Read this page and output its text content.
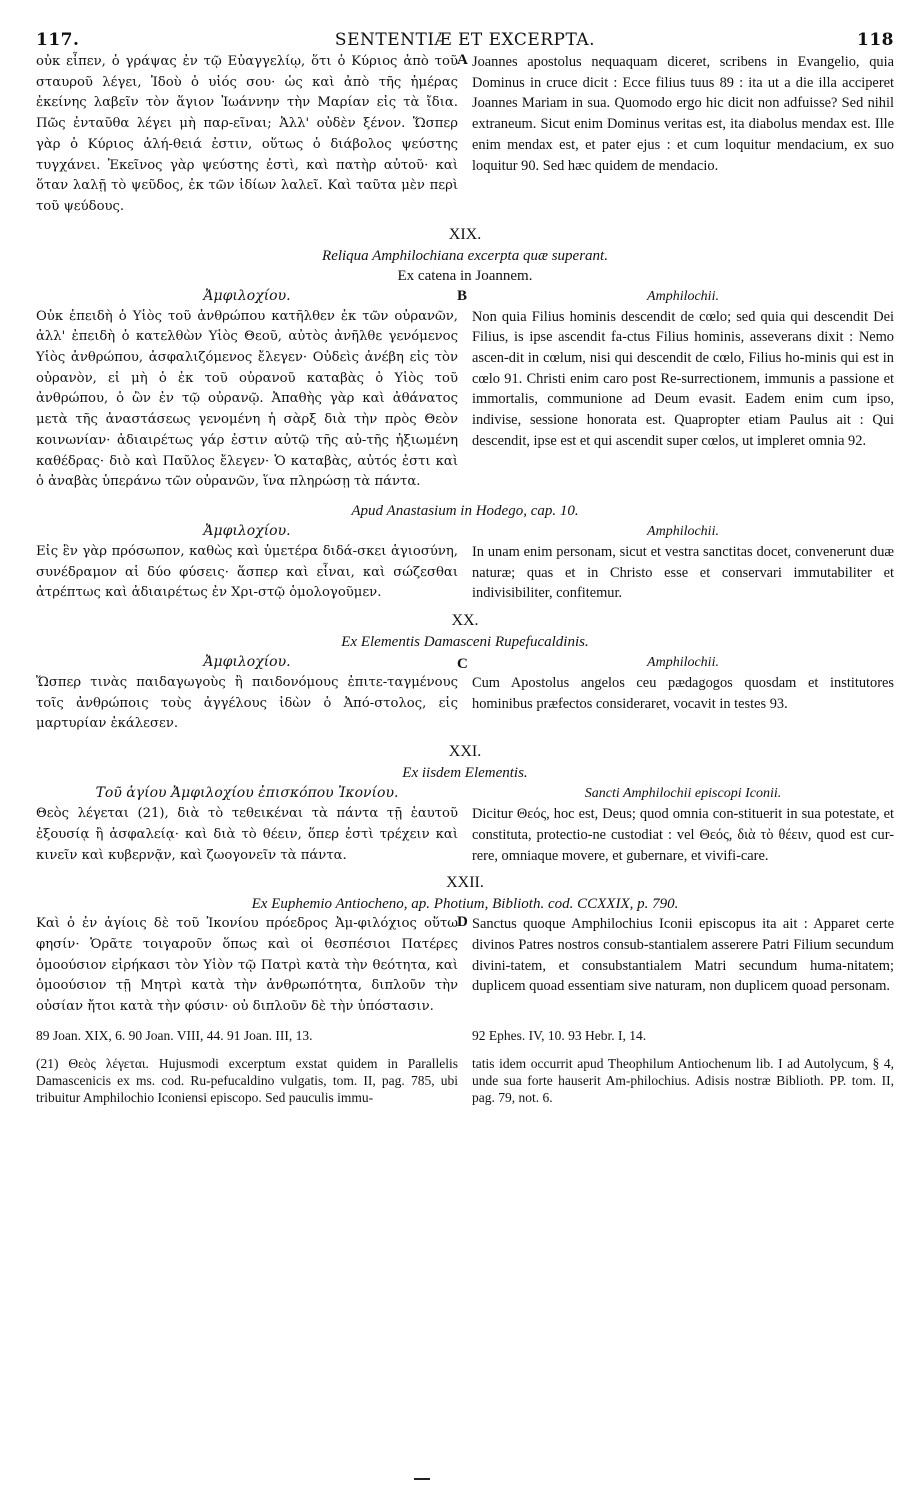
117.	SENTENTIÆ ET EXCERPTA.	118
οὐκ εἶπεν, ὁ γράψας ἐν τῷ Εὐαγγελίῳ, ὅτι ὁ Κύριος ἀπὸ τοῦ σταυροῦ λέγει, Ἰδοὺ ὁ υἱός σου· ὡς καὶ ἀπὸ τῆς ἡμέρας ἐκείνης λαβεῖν τὸν ἅγιον Ἰωάννην τὴν Μαρίαν εἰς τὰ ἴδια. Πῶς ἐνταῦθα λέγει μὴ παρ-εῖναι; Ἀλλ' οὐδὲν ξένον. Ὥσπερ γὰρ ὁ Κύριος ἀλή-θειά ἐστιν, οὕτως ὁ διάβολος ψεύστης τυγχάνει. Ἐκεῖνος γὰρ ψεύστης ἐστὶ, καὶ πατὴρ αὐτοῦ· καὶ ὅταν λαλῇ τὸ ψεῦδος, ἐκ τῶν ἰδίων λαλεῖ. Καὶ ταῦτα μὲν περὶ τοῦ ψεύδους.
A Joannes apostolus nequaquam diceret, scribens in Evangelio, quia Dominus in cruce dicit : Ecce filius tuus 89 : ita ut a die illa acciperet Joannes Mariam in sua. Quomodo ergo hic dicit non adfuisse? Sed nihil extraneum. Sicut enim Dominus veritas est, ita diabolus mendax est. Ille enim mendax est, et pater ejus : et cum loquitur mendacium, ex suo loquitur 90. Sed hæc quidem de mendacio.
XIX.
Reliqua Amphilochiana excerpta quæ superant.
Ex catena in Joannem.
Ἀμφιλοχίου.	B	Amphilochii.
Οὐκ ἐπειδὴ ὁ Υἱὸς τοῦ ἀνθρώπου κατῆλθεν ἐκ τῶν οὐρανῶν, ἀλλ' ἐπειδὴ ὁ κατελθὼν Υἱὸς Θεοῦ, αὐτὸς ἀνῆλθε γενόμενος Υἱὸς ἀνθρώπου, ἀσφαλιζόμενος ἔλεγεν· Οὐδεὶς ἀνέβη εἰς τὸν οὐρανὸν, εἰ μὴ ὁ ἐκ τοῦ οὐρανοῦ καταβὰς ὁ Υἱὸς τοῦ ἀνθρώπου, ὁ ὢν ἐν τῷ οὐρανῷ. Ἀπαθὴς γὰρ καὶ ἀθάνατος μετὰ τῆς ἀναστάσεως γενομένη ἡ σὰρξ διὰ τὴν πρὸς Θεὸν κοινωνίαν· ἀδιαιρέτως γάρ ἐστιν αὐτῷ τῆς αὐ-τῆς ἠξιωμένη καθέδρας· διὸ καὶ Παῦλος ἔλεγεν· Ὁ καταβὰς, αὐτός ἐστι καὶ ὁ ἀναβὰς ὑπεράνω τῶν οὐρανῶν, ἵνα πληρώσῃ τὰ πάντα.
Non quia Filius hominis descendit de cœlo; sed quia qui descendit Dei Filius, is ipse ascendit fa-ctus Filius hominis, asseverans dixit : Nemo ascen-dit in cœlum, nisi qui descendit de cœlo, Filius ho-minis qui est in cœlo 91. Christi enim caro post Re-surrectionem, immunis a passione et immortalis, communione ad Deum evasit. Eadem enim cum ipso, indivise, sessione honorata est. Quapropter etiam Paulus ait : Qui descendit, ipse est et qui ascendit super cœlos, ut impleret omnia 92.
Apud Anastasium in Hodego, cap. 10.
Ἀμφιλοχίου.	Amphilochii.
Εἰς ἓν γὰρ πρόσωπον, καθὼς καὶ ὑμετέρα διδά-σκει ἁγιοσύνη, συνέδραμον αἱ δύο φύσεις· ἅσπερ καὶ εἶναι, καὶ σώζεσθαι ἀτρέπτως καὶ ἀδιαιρέτως ἐν Χρι-στῷ ὁμολογοῦμεν.
In unam enim personam, sicut et vestra sanctitas docet, convenerunt duæ naturæ; quas et in Christo esse et conservari immutabiliter et indivisibiliter, confitemur.
XX.
Ex Elementis Damasceni Rupefucaldinis.
Ἀμφιλοχίου.	C	Amphilochii.
Ὥσπερ τινὰς παιδαγωγοὺς ἢ παιδονόμους ἐπιτε-ταγμένους τοῖς ἀνθρώποις τοὺς ἀγγέλους ἰδὼν ὁ Ἀπό-στολος, εἰς μαρτυρίαν ἐκάλεσεν.
Cum Apostolus angelos ceu pædagogos quosdam et institutores hominibus præfectos consideraret, vocavit in testes 93.
XXI.
Ex iisdem Elementis.
Τοῦ ἁγίου Ἀμφιλοχίου ἐπισκόπου Ἰκονίου.	Sancti Amphilochii episcopi Iconii.
Θεὸς λέγεται (21), διὰ τὸ τεθεικέναι τὰ πάντα τῇ ἑαυτοῦ ἐξουσίᾳ ἢ ἀσφαλείᾳ· καὶ διὰ τὸ θέειν, ὅπερ ἐστὶ τρέχειν καὶ κινεῖν καὶ κυβερνᾷν, καὶ ζωογονεῖν τὰ πάντα.
Dicitur Θεός, hoc est, Deus; quod omnia con-stituerit in sua potestate, et constituta, protectio-ne custodiat : vel Θεός, διὰ τὸ θέειν, quod est cur-rere, omniaque movere, et gubernare, et vivifi-care.
XXII.
Ex Euphemio Antiocheno, ap. Photium, Biblioth. cod. CCXXIX, p. 790.
Καὶ ὁ ἐν ἁγίοις δὲ τοῦ Ἰκονίου πρόεδρος Ἀμ-φιλόχιος οὕτω φησίν· Ὁρᾶτε τοιγαροῦν ὅπως καὶ οἱ θεσπέσιοι Πατέρες ὁμοούσιον εἰρήκασι τὸν Υἱὸν τῷ Πατρὶ κατὰ τὴν θεότητα, καὶ ὁμοούσιον τῇ Μητρὶ κατὰ τὴν ἀνθρωπότητα, διπλοῦν τὴν οὐσίαν ἤτοι κατὰ τὴν φύσιν· οὐ διπλοῦν δὲ τὴν ὑπόστασιν.
D Sanctus quoque Amphilochius Iconii episcopus ita ait : Apparet certe divinos Patres nostros consub-stantialem asserere Patri Filium secundum divini-tatem, et consubstantialem Matri secundum huma-nitatem; duplicem quoad essentiam sive naturam, non duplicem quoad personam.
89 Joan. XIX, 6. 90 Joan. VIII, 44. 91 Joan. III, 13.	92 Ephes. IV, 10. 93 Hebr. I, 14.
(21) Θεὸς λέγεται. Hujusmodi excerptum exstat quidem in Parallelis Damascenicis ex ms. cod. Ru-pefucaldino vulgatis, tom. II, pag. 785, ubi tribuitur Amphilochio Iconiensi episcopo. Sed pauculis immu-
tatis idem occurrit apud Theophilum Antiochenum lib. I ad Autolycum, § 4, unde sua forte hauserit Am-philochius. Adisis nostræ Biblioth. PP. tom. II, pag. 79, not. 6.
